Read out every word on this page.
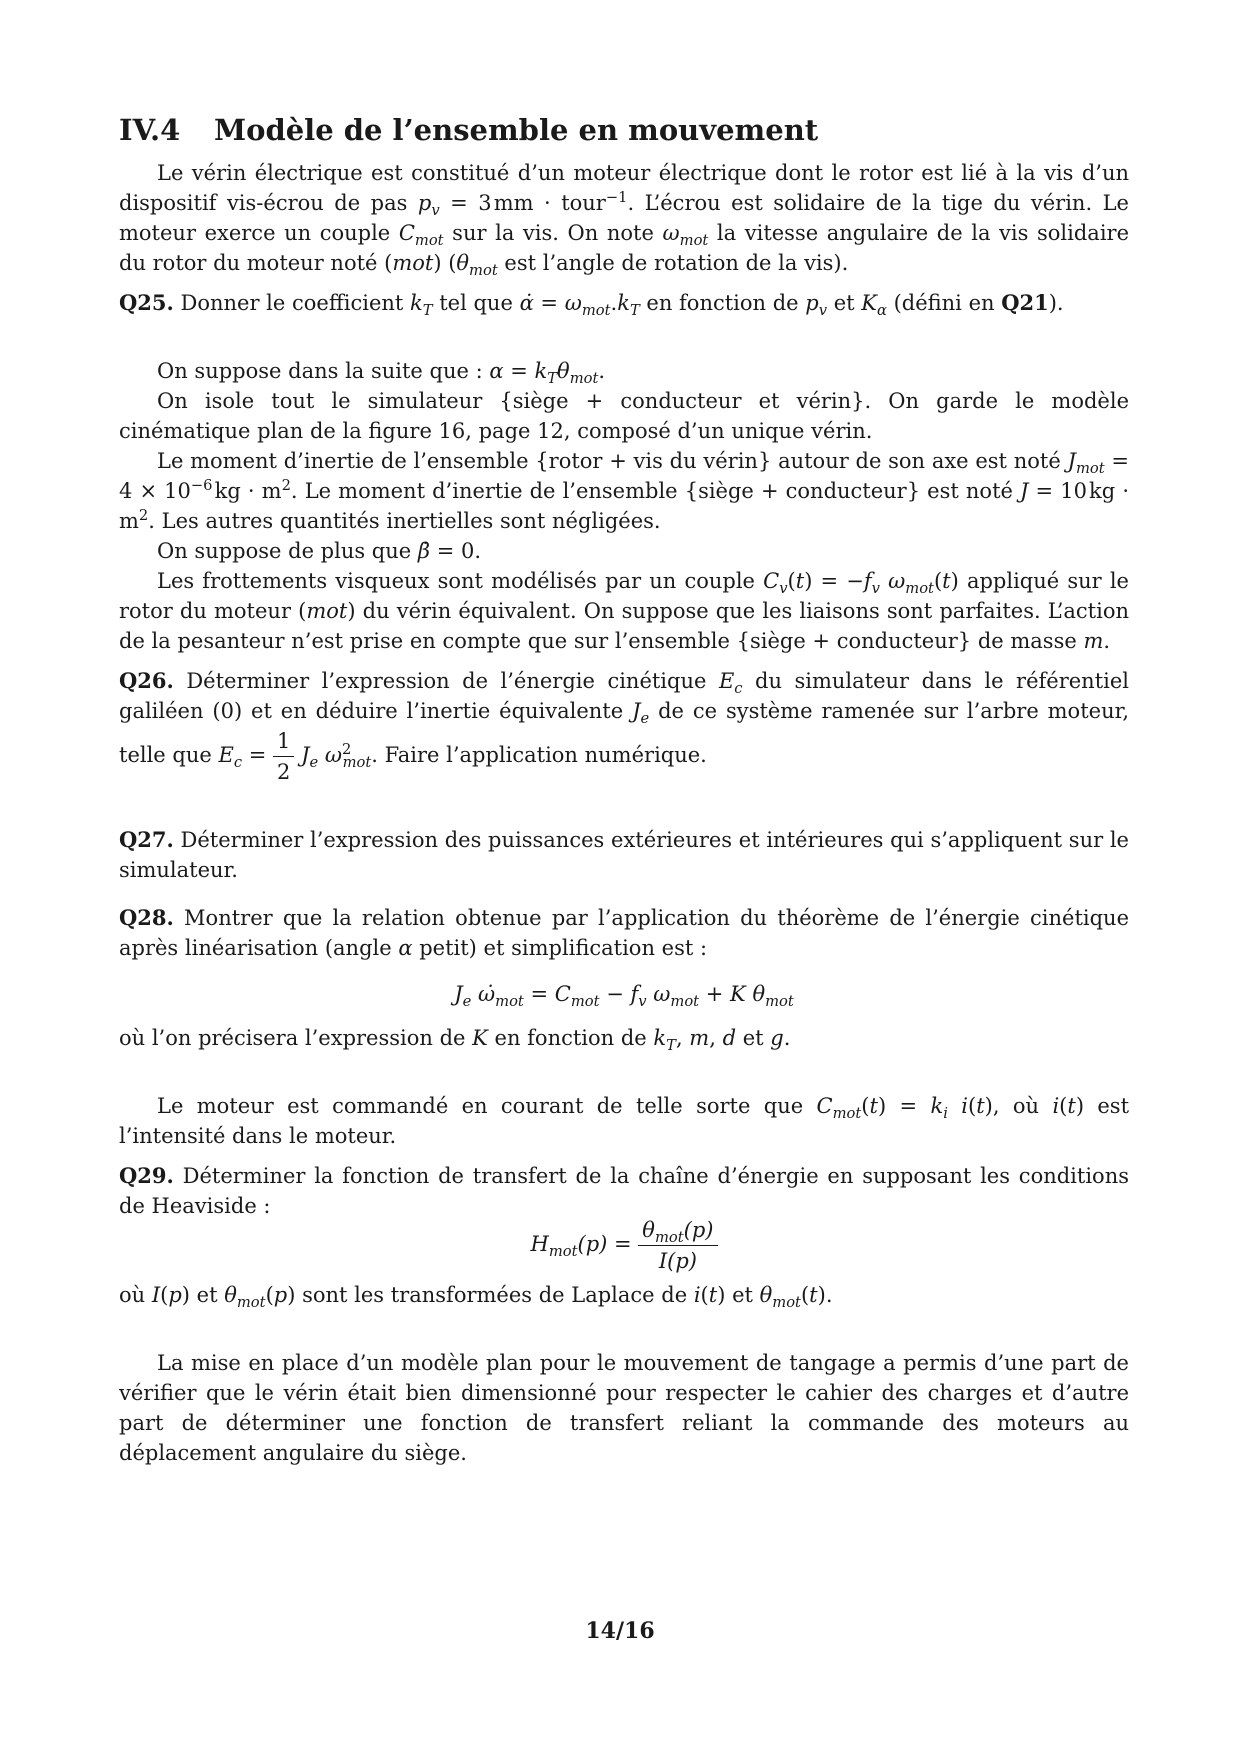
IV.4 Modèle de l’ensemble en mouvement

Le vérin électrique est constitué d’un moteur électrique dont le rotor est lié à la vis d’un dispositif vis-écrou de pas $p_v = 3$ mm · tour$^{-1}$. L’écrou est solidaire de la tige du vérin. Le moteur exerce un couple $C_{mot}$ sur la vis. On note $\omega_{mot}$ la vitesse angulaire de la vis solidaire du rotor du moteur noté (mot) ($\theta_{mot}$ est l’angle de rotation de la vis).

Q25. Donner le coefficient $k_T$ tel que α̇ = $\omega_{mot}.k_T$ en fonction de $p_v$ et $K_\alpha$ (défini en Q21).

On suppose dans la suite que : $\alpha = k_T\theta_{mot}$.

On isole tout le simulateur {siège + conducteur et vérin}. On garde le modèle cinématique plan de la figure 16, page 12, composé d’un unique vérin.

Le moment d’inertie de l’ensemble {rotor + vis du vérin} autour de son axe est noté $J_{mot} = 4 \times 10^{-6}$ kg · $m^2$. Le moment d’inertie de l’ensemble {siège + conducteur} est noté J = 10 kg · $m^2$. Les autres quantités inertielles sont négligées.

On suppose de plus que β̇ = 0.

Les frottements visqueux sont modélisés par un couple $C_v(t) = -f_v$ $\omega_{mot}(t)$ appliqué sur le rotor du moteur (mot) du vérin équivalent. On suppose que les liaisons sont parfaites. L’action de la pesanteur n’est prise en compte que sur l’ensemble {siège + conducteur} de masse m.

Q26. Déterminer l’expression de l’énergie cinétique $E_c$ du simulateur dans le référentiel galiléen (0) et en déduire l’inertie équivalente $J_e$ de ce système ramenée sur l’arbre moteur, telle que $E_c = \frac{1}{2} J_e$ $\omega^2_{mot}$. Faire l’application numérique.

Q27. Déterminer l’expression des puissances extérieures et intérieures qui s’appliquent sur le simulateur.

Q28. Montrer que la relation obtenue par l’application du théorème de l’énergie cinétique après linéarisation (angle α petit) et simplification est :

$J_e$ $\omegȧ_{mot} = C_{mot} - f_v$ $\omega_{mot} + K$ $\theta_{mot}$

où l’on précisera l’expression de K en fonction de $k_T$, m, d et g.

Le moteur est commandé en courant de telle sorte que $C_{mot}(t) = k_i$ i(t), où i(t) est l’intensité dans le moteur.

Q29. Déterminer la fonction de transfert de la chaîne d’énergie en supposant les conditions de Heaviside :

$H_{mot}(p) = \frac{\theta_{mot}(p)}{I(p)}$

où I(p) et $\theta_{mot}(p)$ sont les transformées de Laplace de i(t) et $\theta_{mot}(t)$.

La mise en place d’un modèle plan pour le mouvement de tangage a permis d’une part de vérifier que le vérin était bien dimensionné pour respecter le cahier des charges et d’autre part de déterminer une fonction de transfert reliant la commande des moteurs au déplacement angulaire du siège.

14/16
